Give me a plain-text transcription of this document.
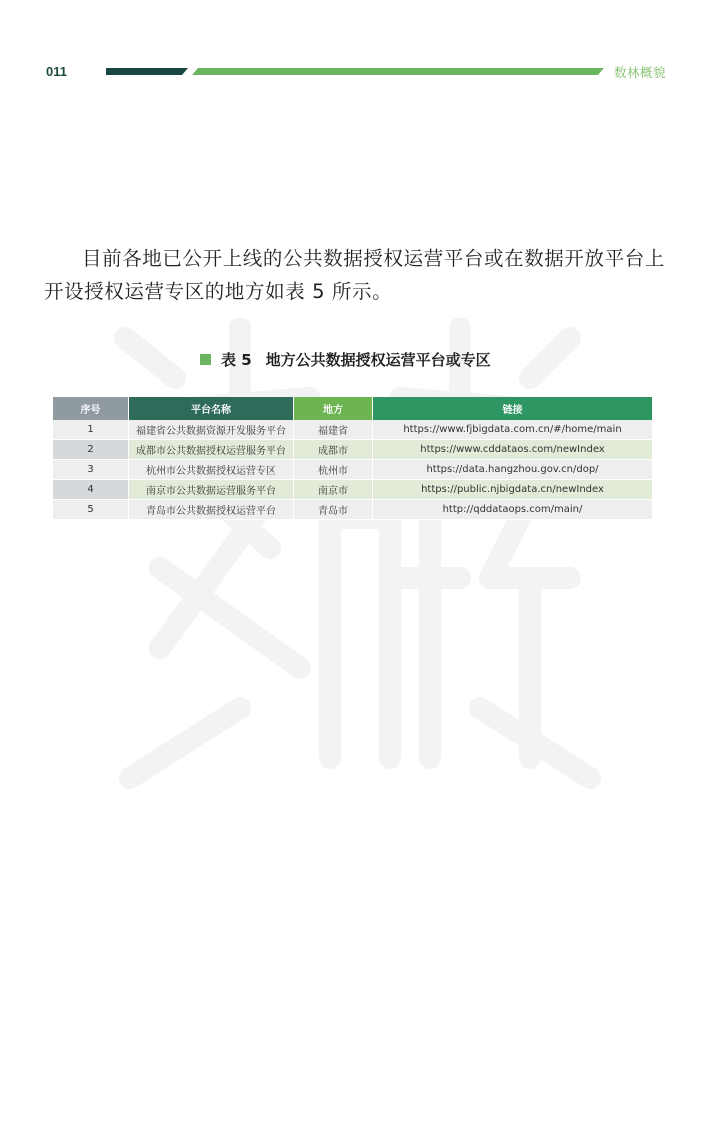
011	数林概貌

目前各地已公开上线的公共数据授权运营平台或在数据开放平台上开设授权运营专区的地方如表 5 所示。

表 5 地方公共数据授权运营平台或专区
序号	平台名称	地方	链接
1	福建省公共数据资源开发服务平台	福建省	https://www.fjbigdata.com.cn/#/home/main
2	成都市公共数据授权运营服务平台	成都市	https://www.cddataos.com/newIndex
3	杭州市公共数据授权运营专区	杭州市	https://data.hangzhou.gov.cn/dop/
4	南京市公共数据运营服务平台	南京市	https://public.njbigdata.cn/newIndex
5	青岛市公共数据授权运营平台	青岛市	http://qddataops.com/main/
